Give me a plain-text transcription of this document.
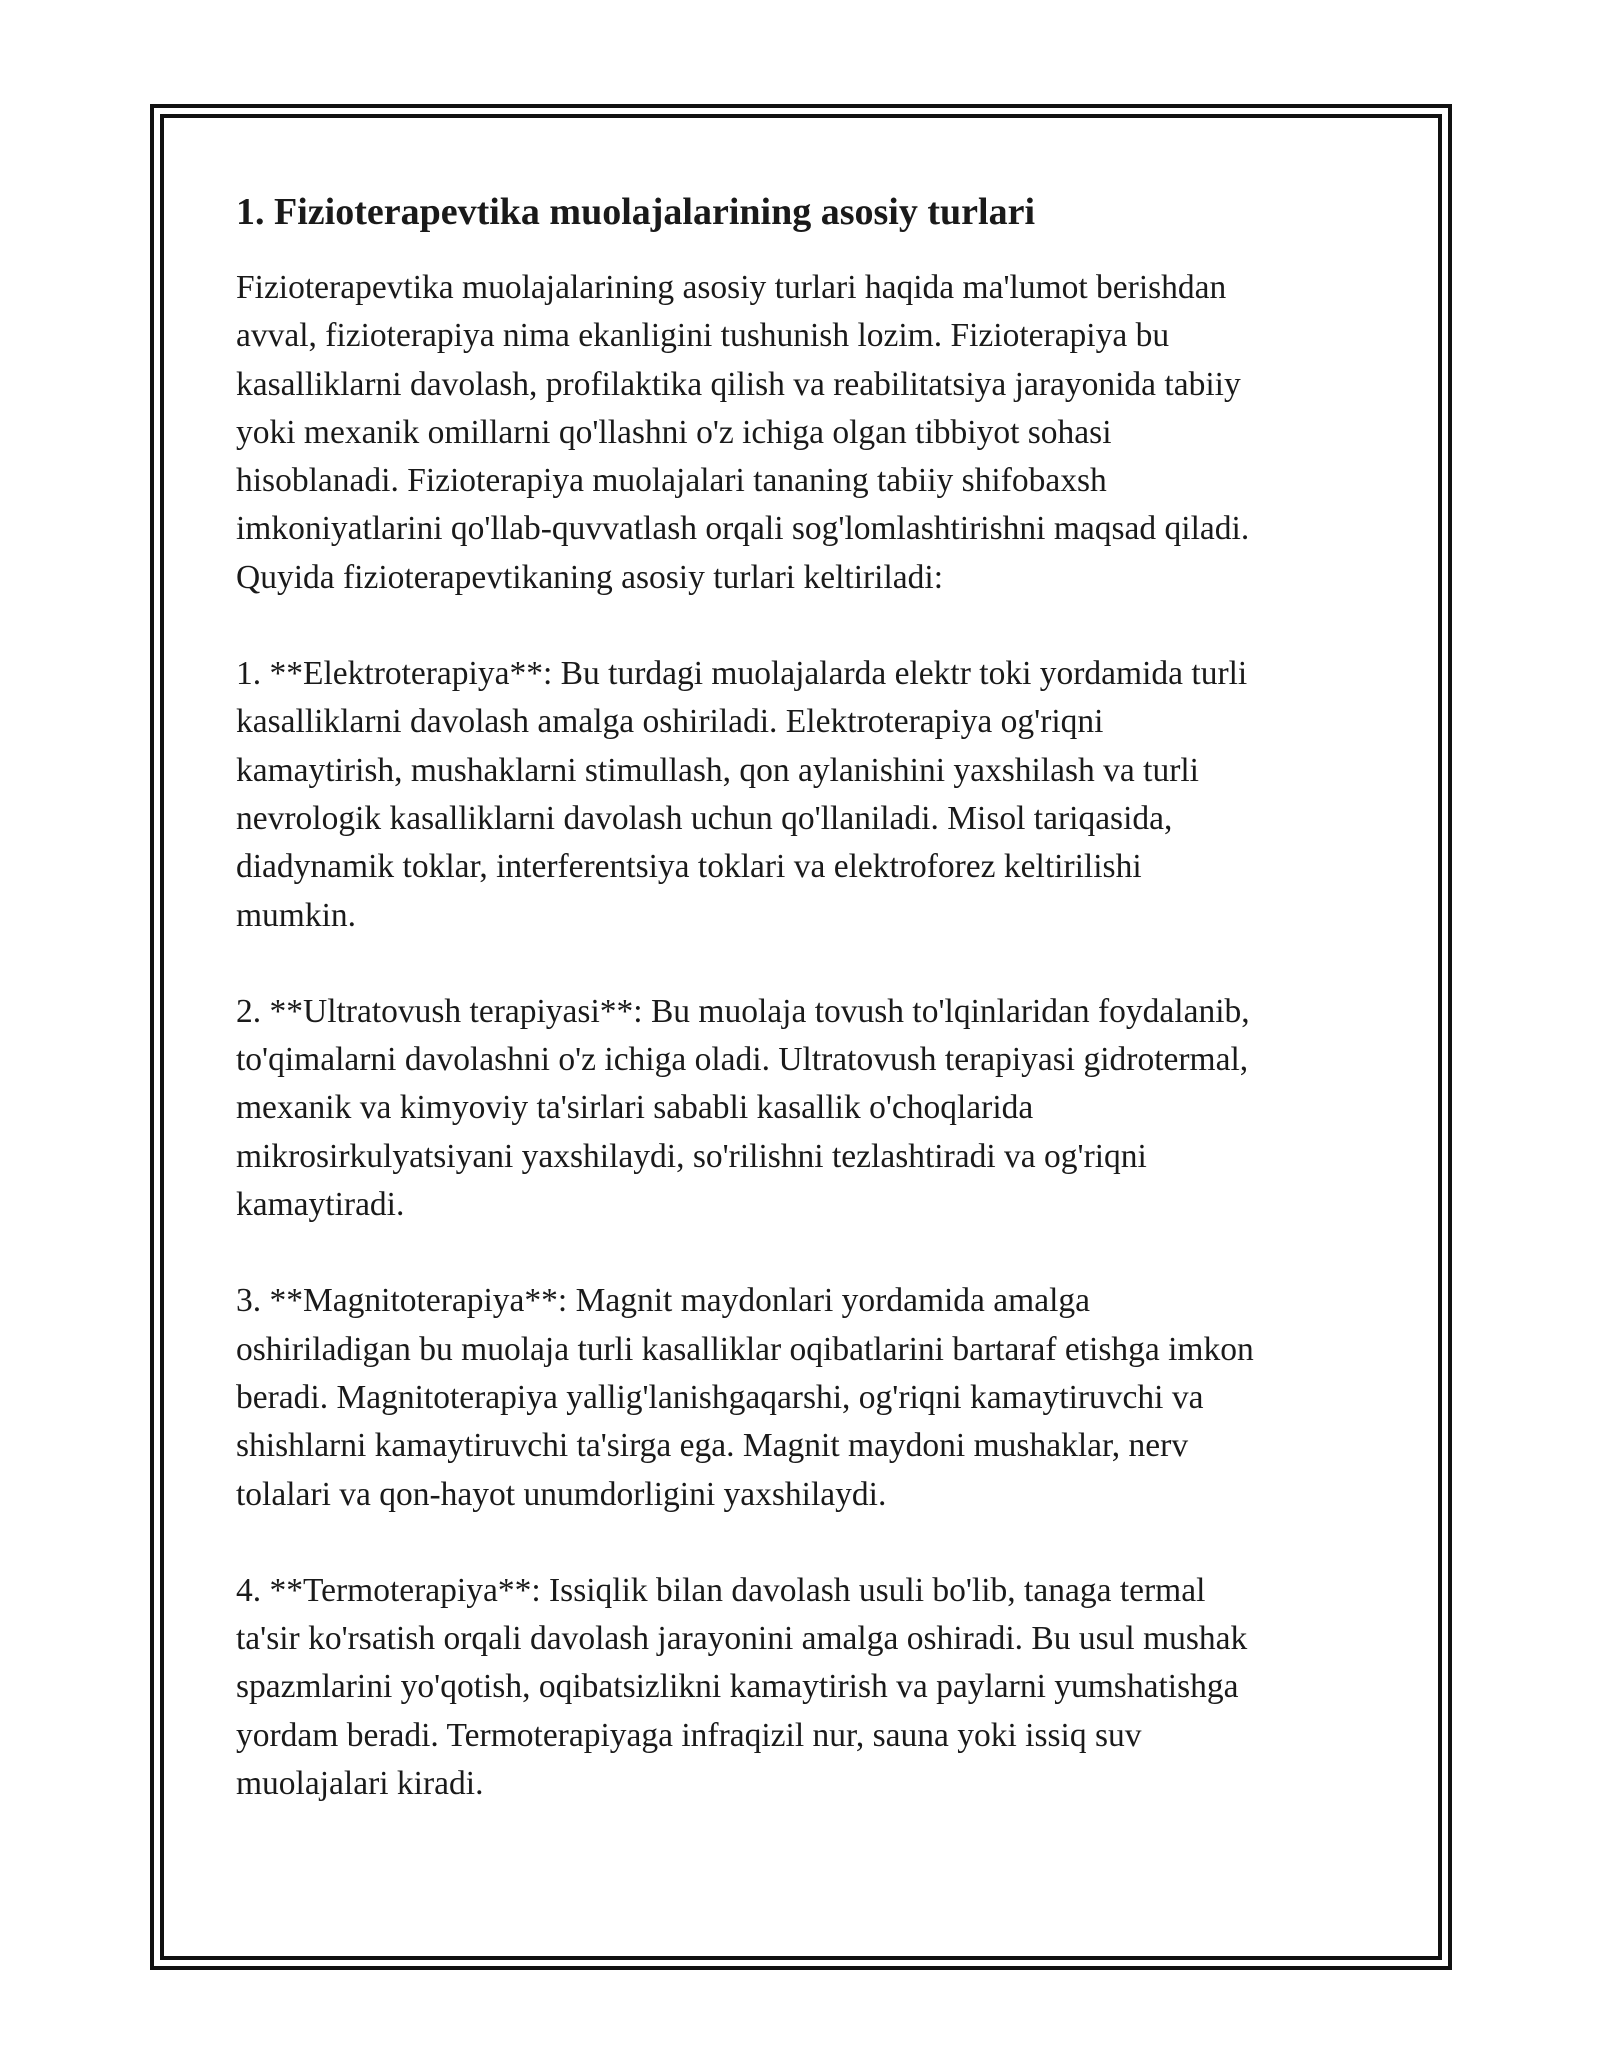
1. Fizioterapevtika muolajalarining asosiy turlari

Fizioterapevtika muolajalarining asosiy turlari haqida ma'lumot berishdan
avval, fizioterapiya nima ekanligini tushunish lozim. Fizioterapiya bu
kasalliklarni davolash, profilaktika qilish va reabilitatsiya jarayonida tabiiy
yoki mexanik omillarni qo'llashni o'z ichiga olgan tibbiyot sohasi
hisoblanadi. Fizioterapiya muolajalari tananing tabiiy shifobaxsh
imkoniyatlarini qo'llab-quvvatlash orqali sog'lomlashtirishni maqsad qiladi.
Quyida fizioterapevtikaning asosiy turlari keltiriladi:

1. **Elektroterapiya**: Bu turdagi muolajalarda elektr toki yordamida turli
kasalliklarni davolash amalga oshiriladi. Elektroterapiya og'riqni
kamaytirish, mushaklarni stimullash, qon aylanishini yaxshilash va turli
nevrologik kasalliklarni davolash uchun qo'llaniladi. Misol tariqasida,
diadynamik toklar, interferentsiya toklari va elektroforez keltirilishi
mumkin.

2. **Ultratovush terapiyasi**: Bu muolaja tovush to'lqinlaridan foydalanib,
to'qimalarni davolashni o'z ichiga oladi. Ultratovush terapiyasi gidrotermal,
mexanik va kimyoviy ta'sirlari sababli kasallik o'choqlarida
mikrosirkulyatsiyani yaxshilaydi, so'rilishni tezlashtiradi va og'riqni
kamaytiradi.

3. **Magnitoterapiya**: Magnit maydonlari yordamida amalga
oshiriladigan bu muolaja turli kasalliklar oqibatlarini bartaraf etishga imkon
beradi. Magnitoterapiya yallig'lanishgaqarshi, og'riqni kamaytiruvchi va
shishlarni kamaytiruvchi ta'sirga ega. Magnit maydoni mushaklar, nerv
tolalari va qon-hayot unumdorligini yaxshilaydi.

4. **Termoterapiya**: Issiqlik bilan davolash usuli bo'lib, tanaga termal
ta'sir ko'rsatish orqali davolash jarayonini amalga oshiradi. Bu usul mushak
spazmlarini yo'qotish, oqibatsizlikni kamaytirish va paylarni yumshatishga
yordam beradi. Termoterapiyaga infraqizil nur, sauna yoki issiq suv
muolajalari kiradi.
